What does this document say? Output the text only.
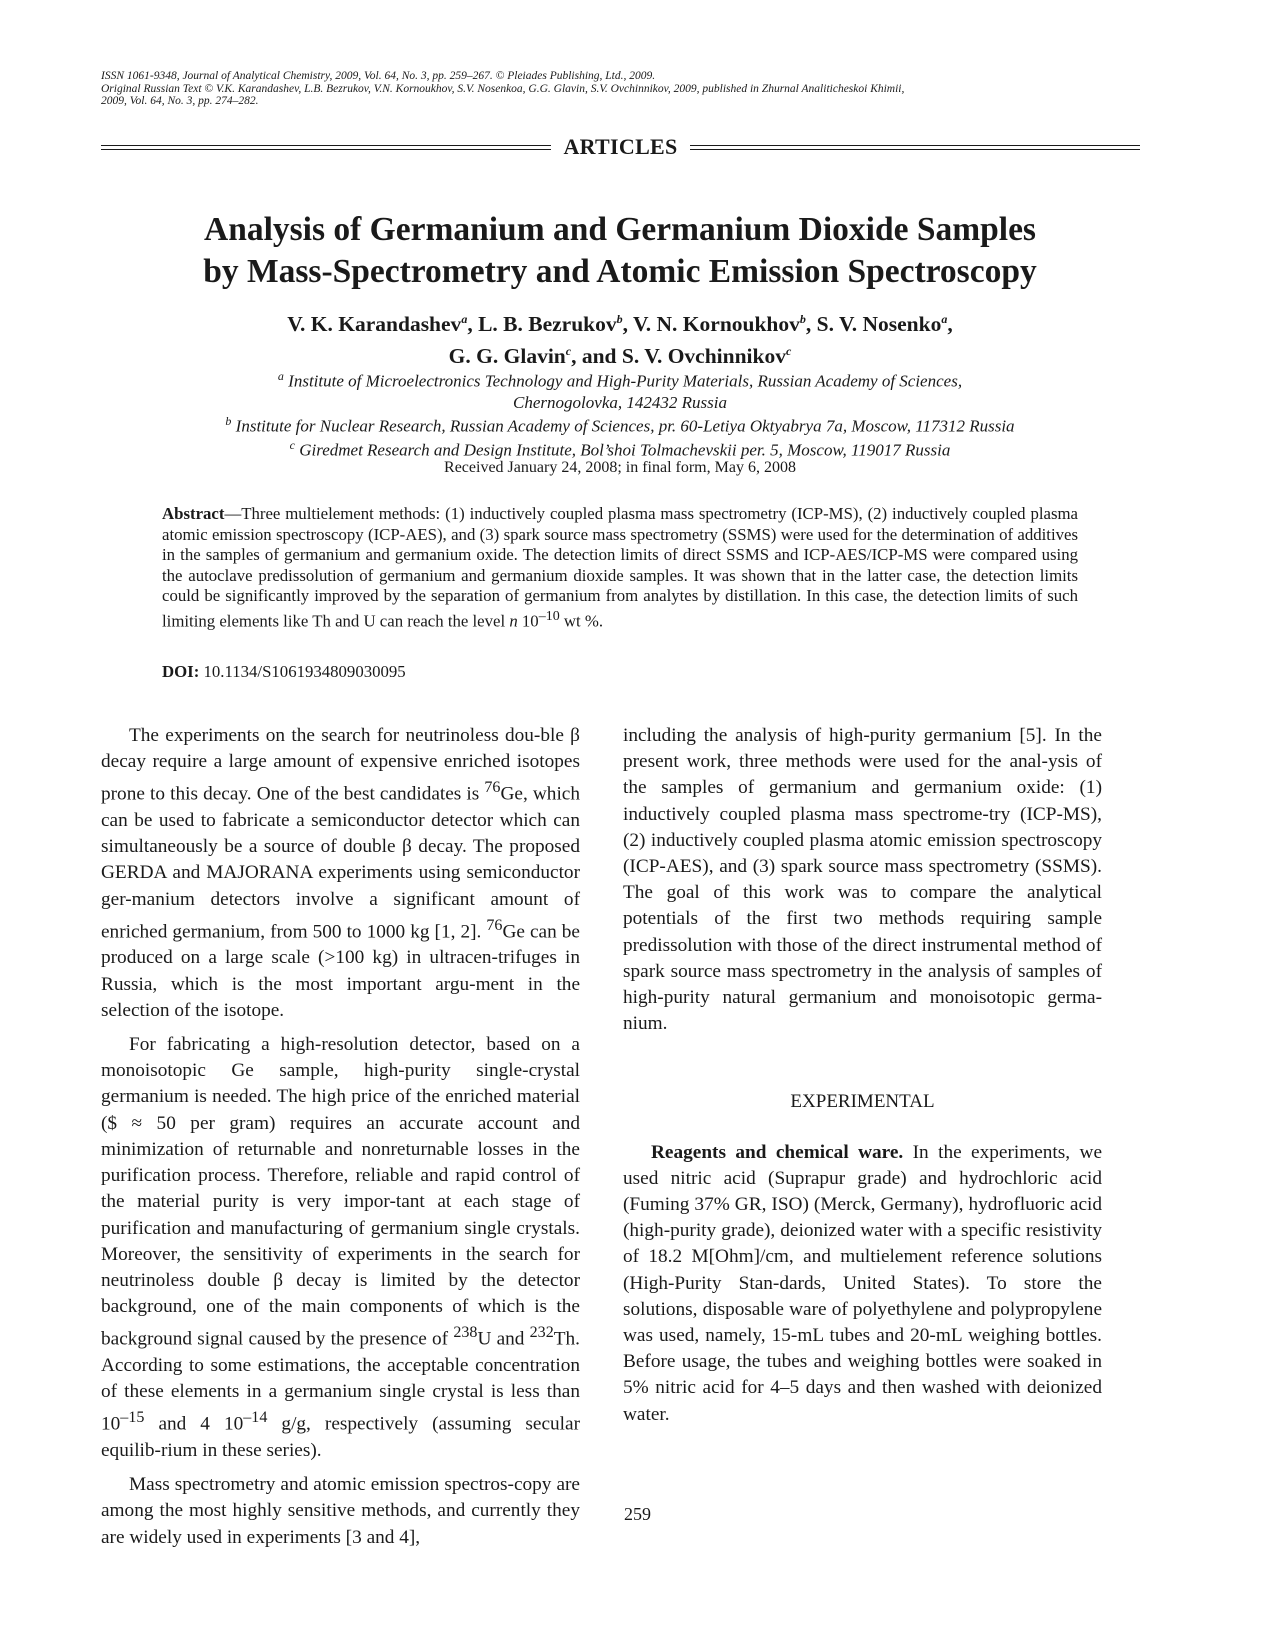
ISSN 1061-9348, Journal of Analytical Chemistry, 2009, Vol. 64, No. 3, pp. 259–267. © Pleiades Publishing, Ltd., 2009.
Original Russian Text © V.K. Karandashev, L.B. Bezrukov, V.N. Kornoukhov, S.V. Nosenkoa, G.G. Glavin, S.V. Ovchinnikov, 2009, published in Zhurnal Analiticheskoi Khimii,
2009, Vol. 64, No. 3, pp. 274–282.
ARTICLES
Analysis of Germanium and Germanium Dioxide Samples
by Mass-Spectrometry and Atomic Emission Spectroscopy
V. K. Karandashev$^a$, L. B. Bezrukov$^b$, V. N. Kornoukhov$^b$, S. V. Nosenko$^a$,
G. G. Glavin$^c$, and S. V. Ovchinnikov$^c$
$^a$ Institute of Microelectronics Technology and High-Purity Materials, Russian Academy of Sciences,
Chernogolovka, 142432 Russia
$^b$ Institute for Nuclear Research, Russian Academy of Sciences, pr. 60-Letiya Oktyabrya 7a, Moscow, 117312 Russia
$^c$ Giredmet Research and Design Institute, Bol’shoi Tolmachevskii per. 5, Moscow, 119017 Russia
Received January 24, 2008; in final form, May 6, 2008
Abstract—Three multielement methods: (1) inductively coupled plasma mass spectrometry (ICP-MS), (2) inductively coupled plasma atomic emission spectroscopy (ICP-AES), and (3) spark source mass spectrometry (SSMS) were used for the determination of additives in the samples of germanium and germanium oxide. The detection limits of direct SSMS and ICP-AES/ICP-MS were compared using the autoclave predissolution of germanium and germanium dioxide samples. It was shown that in the latter case, the detection limits could be significantly improved by the separation of germanium from analytes by distillation. In this case, the detection limits of such limiting elements like Th and U can reach the level n $10^{-10}$ wt %.
DOI: 10.1134/S1061934809030095

The experiments on the search for neutrinoless dou-ble β decay require a large amount of expensive enriched isotopes prone to this decay. One of the best candidates is $^{76}$Ge, which can be used to fabricate a semiconductor detector which can simultaneously be a source of double β decay. The proposed GERDA and MAJORANA experiments using semiconductor ger-manium detectors involve a significant amount of enriched germanium, from 500 to 1000 kg [1, 2]. $^{76}$Ge can be produced on a large scale (>100 kg) in ultracen-trifuges in Russia, which is the most important argu-ment in the selection of the isotope.

For fabricating a high-resolution detector, based on a monoisotopic Ge sample, high-purity single-crystal germanium is needed. The high price of the enriched material ($ ≈ 50 per gram) requires an accurate account and minimization of returnable and nonreturnable losses in the purification process. Therefore, reliable and rapid control of the material purity is very impor-tant at each stage of purification and manufacturing of germanium single crystals. Moreover, the sensitivity of experiments in the search for neutrinoless double β decay is limited by the detector background, one of the main components of which is the background signal caused by the presence of $^{238}$U and $^{232}$Th. According to some estimations, the acceptable concentration of these elements in a germanium single crystal is less than $10^{-15}$ and 4 $10^{-14}$ g/g, respectively (assuming secular equilib-rium in these series).

Mass spectrometry and atomic emission spectros-copy are among the most highly sensitive methods, and currently they are widely used in experiments [3 and 4],

including the analysis of high-purity germanium [5]. In the present work, three methods were used for the anal-ysis of the samples of germanium and germanium oxide: (1) inductively coupled plasma mass spectrome-try (ICP-MS), (2) inductively coupled plasma atomic emission spectroscopy (ICP-AES), and (3) spark source mass spectrometry (SSMS). The goal of this work was to compare the analytical potentials of the first two methods requiring sample predissolution with those of the direct instrumental method of spark source mass spectrometry in the analysis of samples of high-purity natural germanium and monoisotopic germa-nium.

EXPERIMENTAL

Reagents and chemical ware. In the experiments, we used nitric acid (Suprapur grade) and hydrochloric acid (Fuming 37% GR, ISO) (Merck, Germany), hydrofluoric acid (high-purity grade), deionized water with a specific resistivity of 18.2 M[Ohm]/cm, and multielement reference solutions (High-Purity Stan-dards, United States). To store the solutions, disposable ware of polyethylene and polypropylene was used, namely, 15-mL tubes and 20-mL weighing bottles. Before usage, the tubes and weighing bottles were soaked in 5% nitric acid for 4–5 days and then washed with deionized water.

259
